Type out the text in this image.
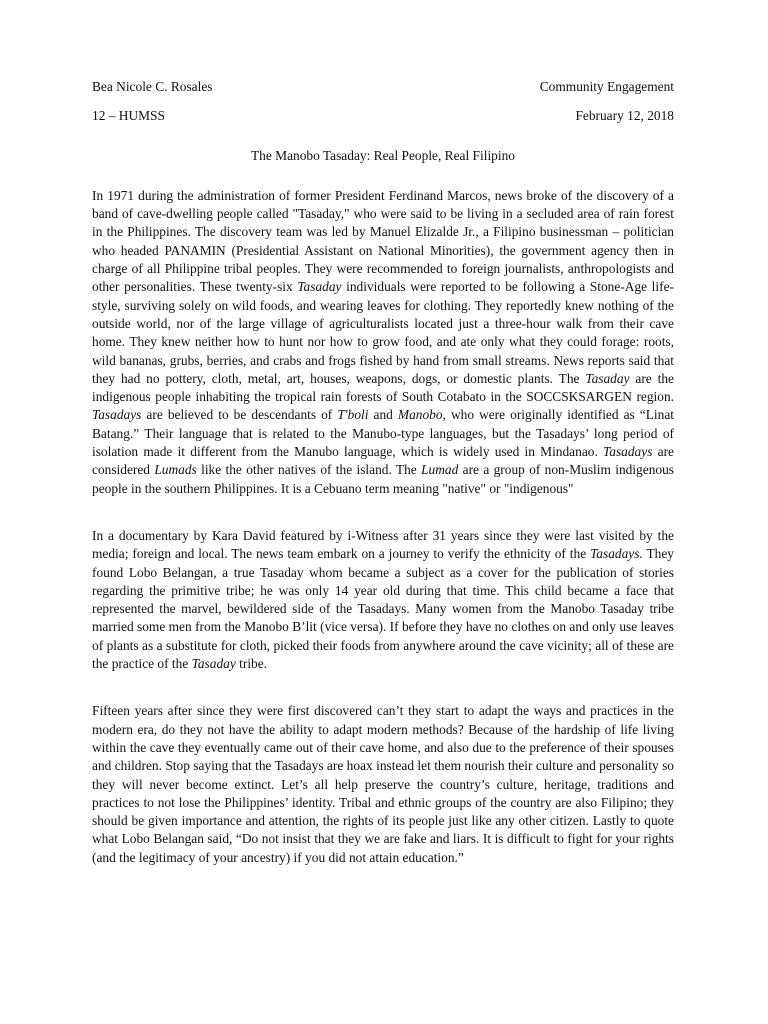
Bea Nicole C. Rosales	Community Engagement
12 – HUMSS	February 12, 2018
The Manobo Tasaday: Real People, Real Filipino

In 1971 during the administration of former President Ferdinand Marcos, news broke of the discovery of a band of cave-dwelling people called "Tasaday," who were said to be living in a secluded area of rain forest in the Philippines. The discovery team was led by Manuel Elizalde Jr., a Filipino businessman – politician who headed PANAMIN (Presidential Assistant on National Minorities), the government agency then in charge of all Philippine tribal peoples. They were recommended to foreign journalists, anthropologists and other personalities. These twenty-six Tasaday individuals were reported to be following a Stone-Age life-style, surviving solely on wild foods, and wearing leaves for clothing. They reportedly knew nothing of the outside world, nor of the large village of agriculturalists located just a three-hour walk from their cave home. They knew neither how to hunt nor how to grow food, and ate only what they could forage: roots, wild bananas, grubs, berries, and crabs and frogs fished by hand from small streams. News reports said that they had no pottery, cloth, metal, art, houses, weapons, dogs, or domestic plants. The Tasaday are the indigenous people inhabiting the tropical rain forests of South Cotabato in the SOCCSKSARGEN region. Tasadays are believed to be descendants of T'boli and Manobo, who were originally identified as “Linat Batang.” Their language that is related to the Manubo-type languages, but the Tasadays’ long period of isolation made it different from the Manubo language, which is widely used in Mindanao. Tasadays are considered Lumads like the other natives of the island. The Lumad are a group of non-Muslim indigenous people in the southern Philippines. It is a Cebuano term meaning "native" or "indigenous"

In a documentary by Kara David featured by i-Witness after 31 years since they were last visited by the media; foreign and local. The news team embark on a journey to verify the ethnicity of the Tasadays. They found Lobo Belangan, a true Tasaday whom became a subject as a cover for the publication of stories regarding the primitive tribe; he was only 14 year old during that time. This child became a face that represented the marvel, bewildered side of the Tasadays. Many women from the Manobo Tasaday tribe married some men from the Manobo B’lit (vice versa). If before they have no clothes on and only use leaves of plants as a substitute for cloth, picked their foods from anywhere around the cave vicinity; all of these are the practice of the Tasaday tribe.

Fifteen years after since they were first discovered can’t they start to adapt the ways and practices in the modern era, do they not have the ability to adapt modern methods? Because of the hardship of life living within the cave they eventually came out of their cave home, and also due to the preference of their spouses and children. Stop saying that the Tasadays are hoax instead let them nourish their culture and personality so they will never become extinct. Let’s all help preserve the country’s culture, heritage, traditions and practices to not lose the Philippines’ identity. Tribal and ethnic groups of the country are also Filipino; they should be given importance and attention, the rights of its people just like any other citizen. Lastly to quote what Lobo Belangan said, “Do not insist that they we are fake and liars. It is difficult to fight for your rights (and the legitimacy of your ancestry) if you did not attain education.”
